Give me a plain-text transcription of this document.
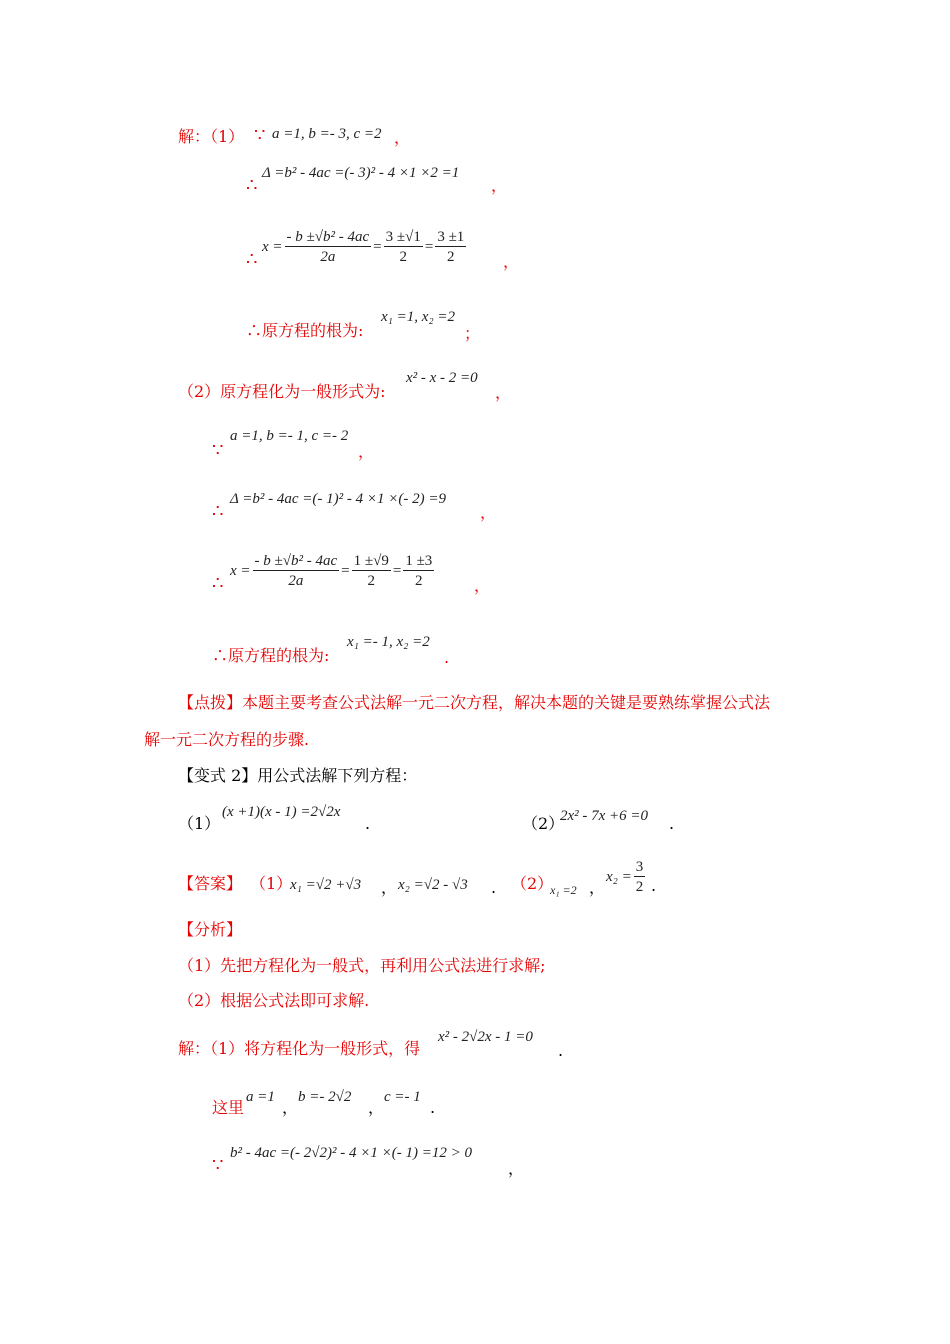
解：（1） ∵ a =1, b =- 3, c =2 ，
∴
Δ =b² - 4ac =(- 3)² - 4 ×1 ×2 =1
，
∴
$x = \frac{\text{- b ±√b² - 4ac}}{2a} = \frac{3 \pm√1}{2} = \frac{3 \pm 1}{2}$ ，
∴原方程的根为:
x₁ =1, x₂ =2
；
（2）原方程化为一般形式为:
x² - x - 2 =0
，
∵
a =1, b =- 1, c =- 2
，
∴
Δ =b² - 4ac =(- 1)² - 4 ×1 ×(- 2) =9
，
∴
$x = \frac{\text{- b ±√b² - 4ac}}{2a} = \frac{1 \pm√9}{2} = \frac{1 \pm 3}{2}$ ，
∴原方程的根为:
x₁ =- 1, x₂ =2
.
【点拨】本题主要考查公式法解一元二次方程，解决本题的关键是要熟练掌握公式法
解一元二次方程的步骤.
【变式 2】用公式法解下列方程：
（1）
(x +1)(x - 1) =2√2x
.	（2）
2x² - 7x +6 =0 .
【答案】 （1）
x₁ =√2 +√3 ， x₂ =√2 - √3 . （2）
x₁ =2 ，
$x_2 = \frac{3}{2}$ .
【分析】
（1）先把方程化为一般式，再利用公式法进行求解;
（2）根据公式法即可求解.
解：（1）将方程化为一般形式，得
x² - 2√2x - 1 =0
.
这里
a =1
，
b =- 2√2
，
c =- 1
.
∵
b² - 4ac =(- 2√2)² - 4 ×1 ×(- 1) =12 > 0
，
